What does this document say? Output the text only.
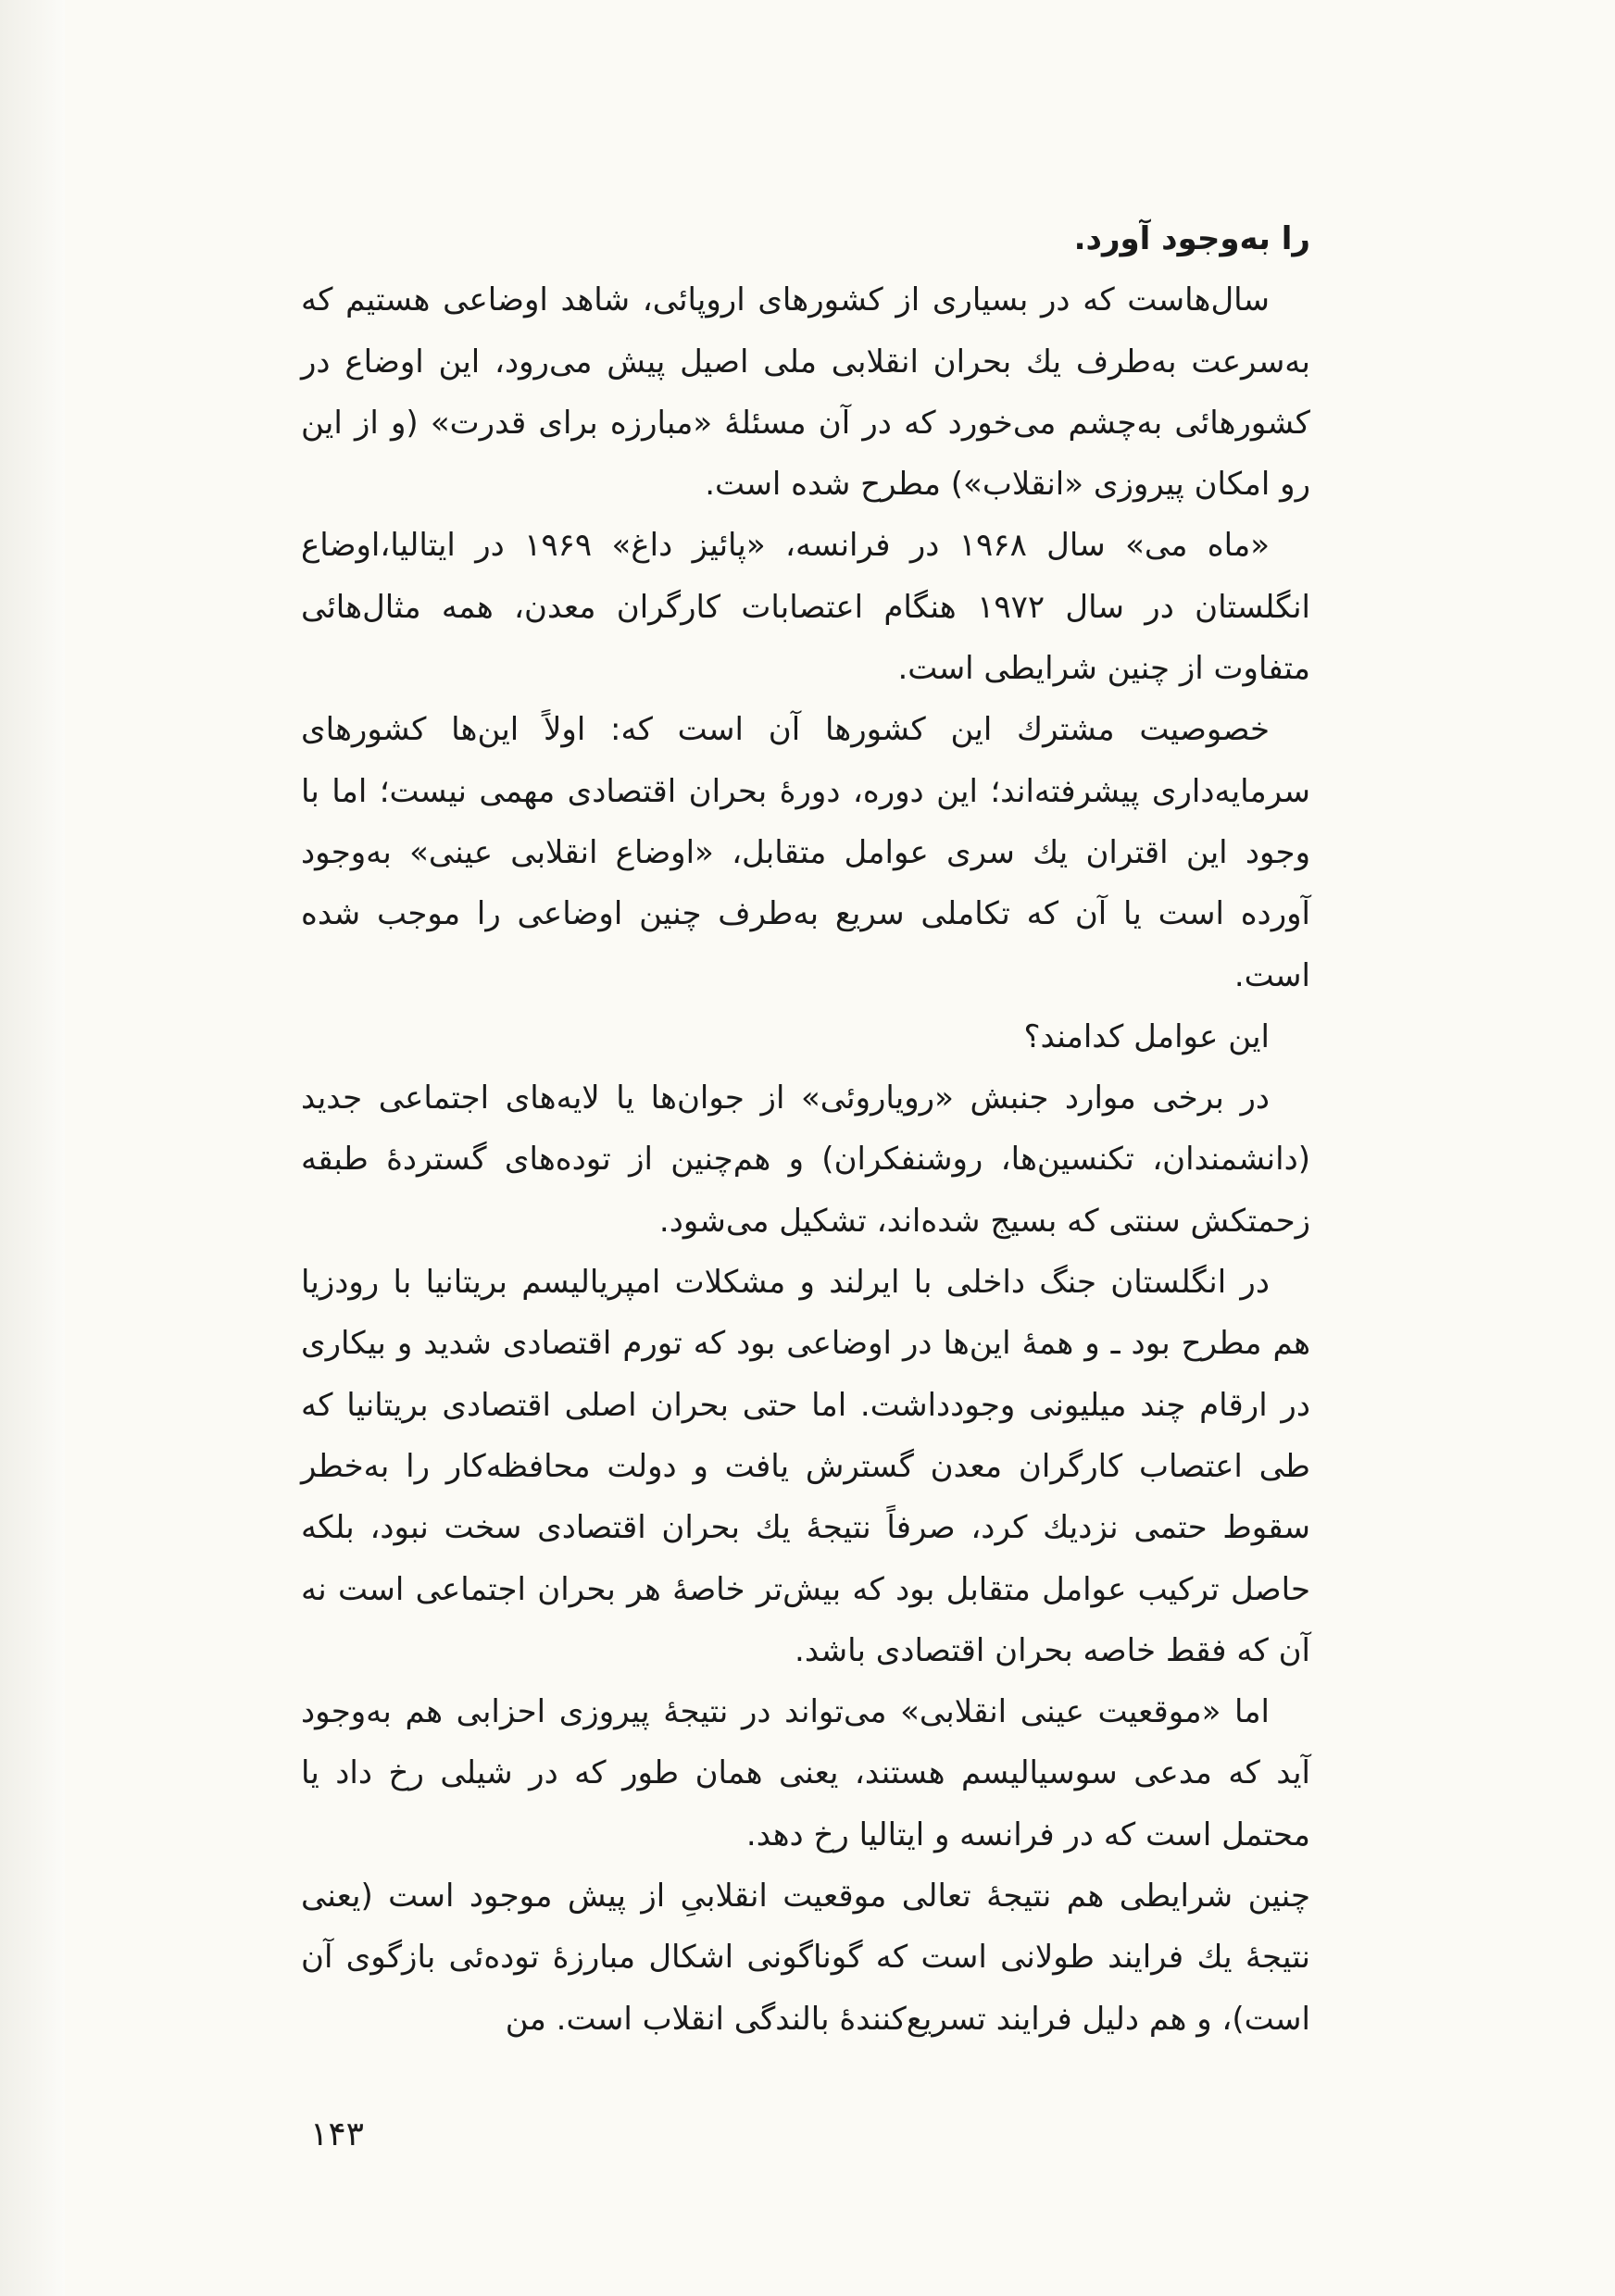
را به‌وجود آورد.

سال‌هاست که در بسیاری از کشورهای اروپائی، شاهد اوضاعی هستیم که به‌سرعت به‌طرف یك بحران انقلابی ملی اصیل پیش می‌رود، این اوضاع در کشورهائی به‌چشم می‌خورد که در آن مسئلهٔ «مبارزه برای قدرت» (و از این رو امکان پیروزی «انقلاب») مطرح شده است.

«ماه می» سال ۱۹۶۸ در فرانسه، «پائیز داغ» ۱۹۶۹ در ایتالیا،اوضاع انگلستان در سال ۱۹۷۲ هنگام اعتصابات کارگران معدن، همه مثال‌هائی متفاوت از چنین شرایطی است.

خصوصیت مشترك این کشورها آن است که: اولاً این‌ها کشورهای سرمایه‌داری پیشرفته‌اند؛ این دوره، دورهٔ بحران اقتصادی مهمی نیست؛ اما با وجود این اقتران یك سری عوامل متقابل، «اوضاع انقلابی عینی» به‌وجود آورده است یا آن که تکاملی سریع به‌طرف چنین اوضاعی را موجب شده است.

این عوامل کدامند؟

در برخی موارد جنبش «رویاروئی» از جوان‌ها یا لایه‌های اجتماعی جدید (دانشمندان، تکنسین‌ها، روشنفکران) و هم‌چنین از توده‌های گستردهٔ طبقه زحمتکش سنتی که بسیج شده‌اند، تشکیل می‌شود.

در انگلستان جنگ داخلی با ایرلند و مشکلات امپریالیسم بریتانیا با رودزیا هم مطرح بود ـ و همهٔ این‌ها در اوضاعی بود که تورم اقتصادی شدید و بیکاری در ارقام چند میلیونی وجودداشت. اما حتی بحران اصلی اقتصادی بریتانیا که طی اعتصاب کارگران معدن گسترش یافت و دولت محافظه‌کار را به‌خطر سقوط حتمی نزدیك کرد، صرفاً نتیجهٔ یك بحران اقتصادی سخت نبود، بلکه حاصل ترکیب عوامل متقابل بود که بیش‌تر خاصهٔ هر بحران اجتماعی است نه آن که فقط خاصه بحران اقتصادی باشد.

اما «موقعیت عینی انقلابی» می‌تواند در نتیجهٔ پیروزی احزابی هم به‌وجود آید که مدعی سوسیالیسم هستند، یعنی همان طور که در شیلی رخ داد یا محتمل است که در فرانسه و ایتالیا رخ دهد.

چنین شرایطی هم نتیجهٔ تعالی موقعیت انقلابیِ از پیش موجود است (یعنی نتیجهٔ یك فرایند طولانی است که گوناگونی اشکال مبارزهٔ توده‌ئی بازگوی آن است)، و هم دلیل فرایند تسریع‌کنندهٔ بالندگی انقلاب است. من

۱۴۳
